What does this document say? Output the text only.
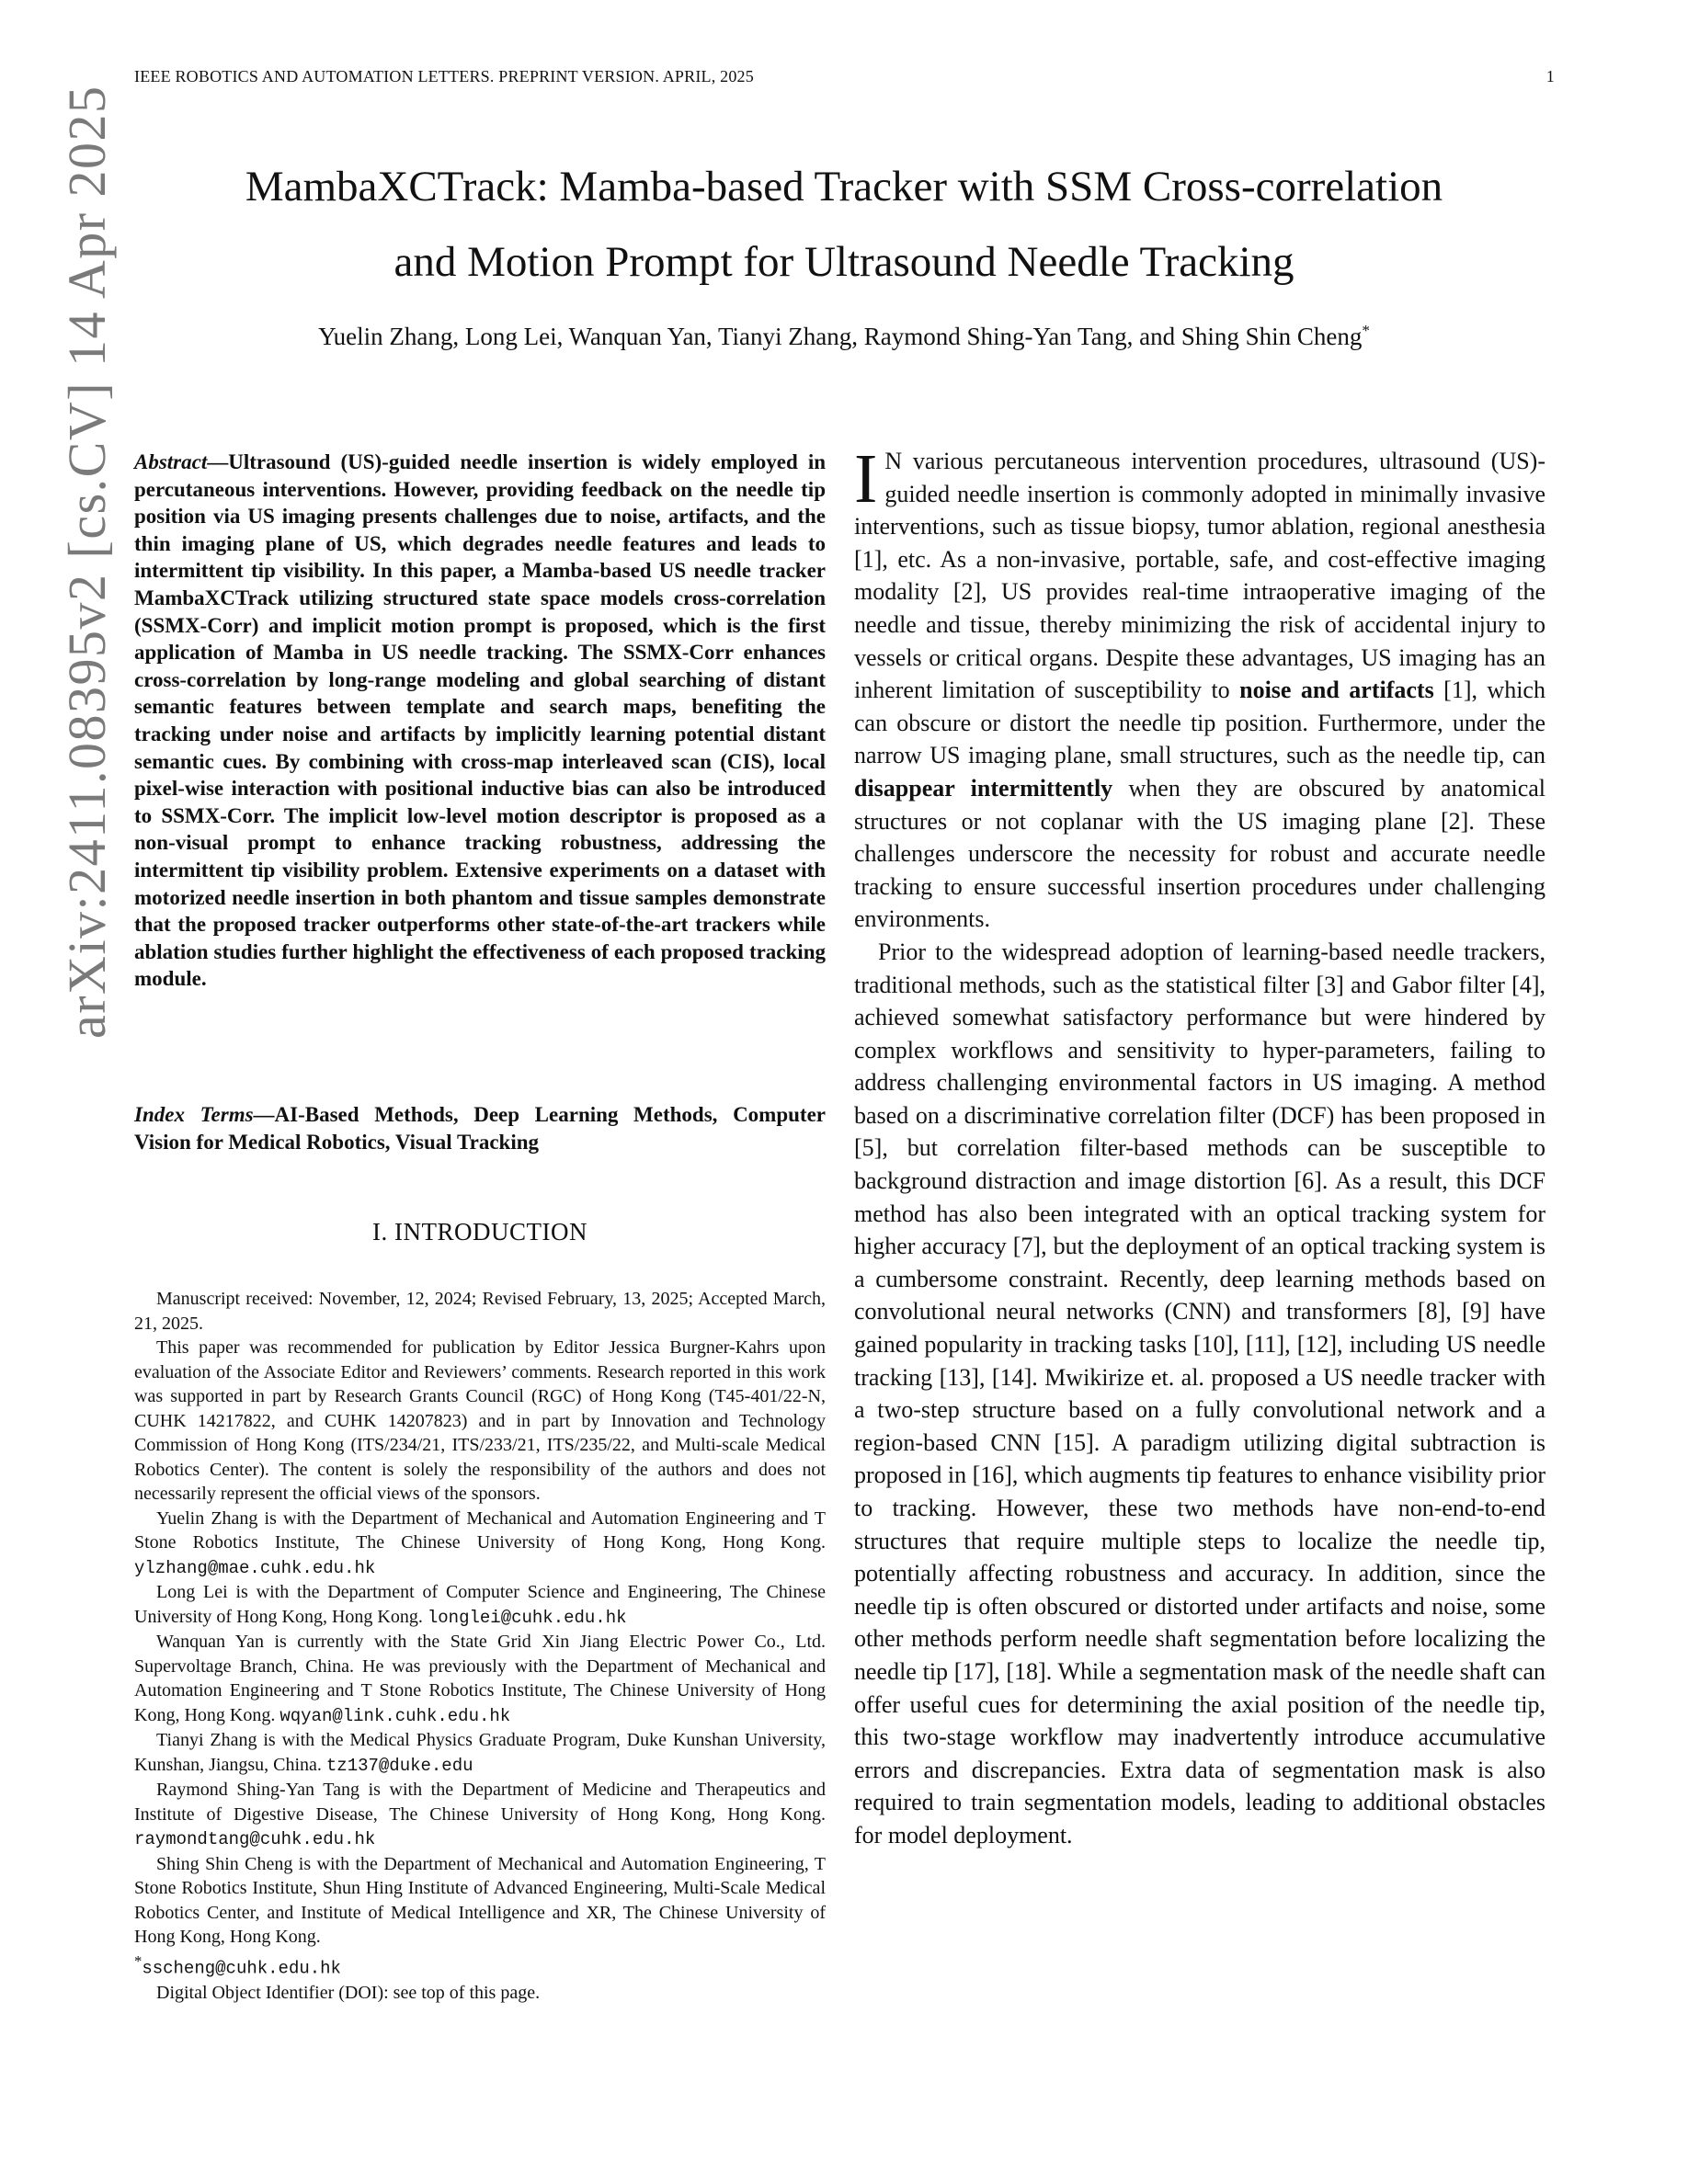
IEEE ROBOTICS AND AUTOMATION LETTERS. PREPRINT VERSION. APRIL, 2025	1
MambaXCTrack: Mamba-based Tracker with SSM Cross-correlation
and Motion Prompt for Ultrasound Needle Tracking
Yuelin Zhang, Long Lei, Wanquan Yan, Tianyi Zhang, Raymond Shing-Yan Tang, and Shing Shin Cheng*
arXiv:2411.08395v2 [cs.CV] 14 Apr 2025 Abstract—Ultrasound (US)-guided needle insertion is widely employed in percutaneous interventions. However, providing feedback on the needle tip position via US imaging presents challenges due to noise, artifacts, and the thin imaging plane of US, which degrades needle features and leads to intermittent tip visibility. In this paper, a Mamba-based US needle tracker MambaXCTrack utilizing structured state space models cross-correlation (SSMX-Corr) and implicit motion prompt is proposed, which is the first application of Mamba in US needle tracking. The SSMX-Corr enhances cross-correlation by long-range modeling and global searching of distant semantic features between template and search maps, benefiting the tracking under noise and artifacts by implicitly learning potential distant semantic cues. By combining with cross-map interleaved scan (CIS), local pixel-wise interaction with positional inductive bias can also be introduced to SSMX-Corr. The implicit low-level motion descriptor is proposed as a non-visual prompt to enhance tracking robustness, addressing the intermittent tip visibility problem. Extensive experiments on a dataset with motorized needle insertion in both phantom and tissue samples demonstrate that the proposed tracker outperforms other state-of-the-art trackers while ablation studies further highlight the effectiveness of each proposed tracking module.
Index Terms—AI-Based Methods, Deep Learning Methods, Computer Vision for Medical Robotics, Visual Tracking
I. INTRODUCTION

Manuscript received: November, 12, 2024; Revised February, 13, 2025; Accepted March, 21, 2025.

This paper was recommended for publication by Editor Jessica Burgner-Kahrs upon evaluation of the Associate Editor and Reviewers’ comments. Research reported in this work was supported in part by Research Grants Council (RGC) of Hong Kong (T45-401/22-N, CUHK 14217822, and CUHK 14207823) and in part by Innovation and Technology Commission of Hong Kong (ITS/234/21, ITS/233/21, ITS/235/22, and Multi-scale Medical Robotics Center). The content is solely the responsibility of the authors and does not necessarily represent the official views of the sponsors.

Yuelin Zhang is with the Department of Mechanical and Automation Engineering and T Stone Robotics Institute, The Chinese University of Hong Kong, Hong Kong. ylzhang@mae.cuhk.edu.hk

Long Lei is with the Department of Computer Science and Engineering, The Chinese University of Hong Kong, Hong Kong. longlei@cuhk.edu.hk

Wanquan Yan is currently with the State Grid Xin Jiang Electric Power Co., Ltd. Supervoltage Branch, China. He was previously with the Department of Mechanical and Automation Engineering and T Stone Robotics Institute, The Chinese University of Hong Kong, Hong Kong. wqyan@link.cuhk.edu.hk

Tianyi Zhang is with the Medical Physics Graduate Program, Duke Kunshan University, Kunshan, Jiangsu, China. tz137@duke.edu

Raymond Shing-Yan Tang is with the Department of Medicine and Therapeutics and Institute of Digestive Disease, The Chinese University of Hong Kong, Hong Kong. raymondtang@cuhk.edu.hk

Shing Shin Cheng is with the Department of Mechanical and Automation Engineering, T Stone Robotics Institute, Shun Hing Institute of Advanced Engineering, Multi-Scale Medical Robotics Center, and Institute of Medical Intelligence and XR, The Chinese University of Hong Kong, Hong Kong.
*sscheng@cuhk.edu.hk

Digital Object Identifier (DOI): see top of this page.

I N various percutaneous intervention procedures, ultrasound (US)-guided needle insertion is commonly adopted in minimally invasive interventions, such as tissue biopsy, tumor ablation, regional anesthesia [1], etc. As a non-invasive, portable, safe, and cost-effective imaging modality [2], US provides real-time intraoperative imaging of the needle and tissue, thereby minimizing the risk of accidental injury to vessels or critical organs. Despite these advantages, US imaging has an inherent limitation of susceptibility to noise and artifacts [1], which can obscure or distort the needle tip position. Furthermore, under the narrow US imaging plane, small structures, such as the needle tip, can disappear intermittently when they are obscured by anatomical structures or not coplanar with the US imaging plane [2]. These challenges underscore the necessity for robust and accurate needle tracking to ensure successful insertion procedures under challenging environments.

Prior to the widespread adoption of learning-based needle trackers, traditional methods, such as the statistical filter [3] and Gabor filter [4], achieved somewhat satisfactory performance but were hindered by complex workflows and sensitivity to hyper-parameters, failing to address challenging environmental factors in US imaging. A method based on a discriminative correlation filter (DCF) has been proposed in [5], but correlation filter-based methods can be susceptible to background distraction and image distortion [6]. As a result, this DCF method has also been integrated with an optical tracking system for higher accuracy [7], but the deployment of an optical tracking system is a cumbersome constraint. Recently, deep learning methods based on convolutional neural networks (CNN) and transformers [8], [9] have gained popularity in tracking tasks [10], [11], [12], including US needle tracking [13], [14]. Mwikirize et. al. proposed a US needle tracker with a two-step structure based on a fully convolutional network and a region-based CNN [15]. A paradigm utilizing digital subtraction is proposed in [16], which augments tip features to enhance visibility prior to tracking. However, these two methods have non-end-to-end structures that require multiple steps to localize the needle tip, potentially affecting robustness and accuracy. In addition, since the needle tip is often obscured or distorted under artifacts and noise, some other methods perform needle shaft segmentation before localizing the needle tip [17], [18]. While a segmentation mask of the needle shaft can offer useful cues for determining the axial position of the needle tip, this two-stage workflow may inadvertently introduce accumulative errors and discrepancies. Extra data of segmentation mask is also required to train segmentation models, leading to additional obstacles for model deployment.
